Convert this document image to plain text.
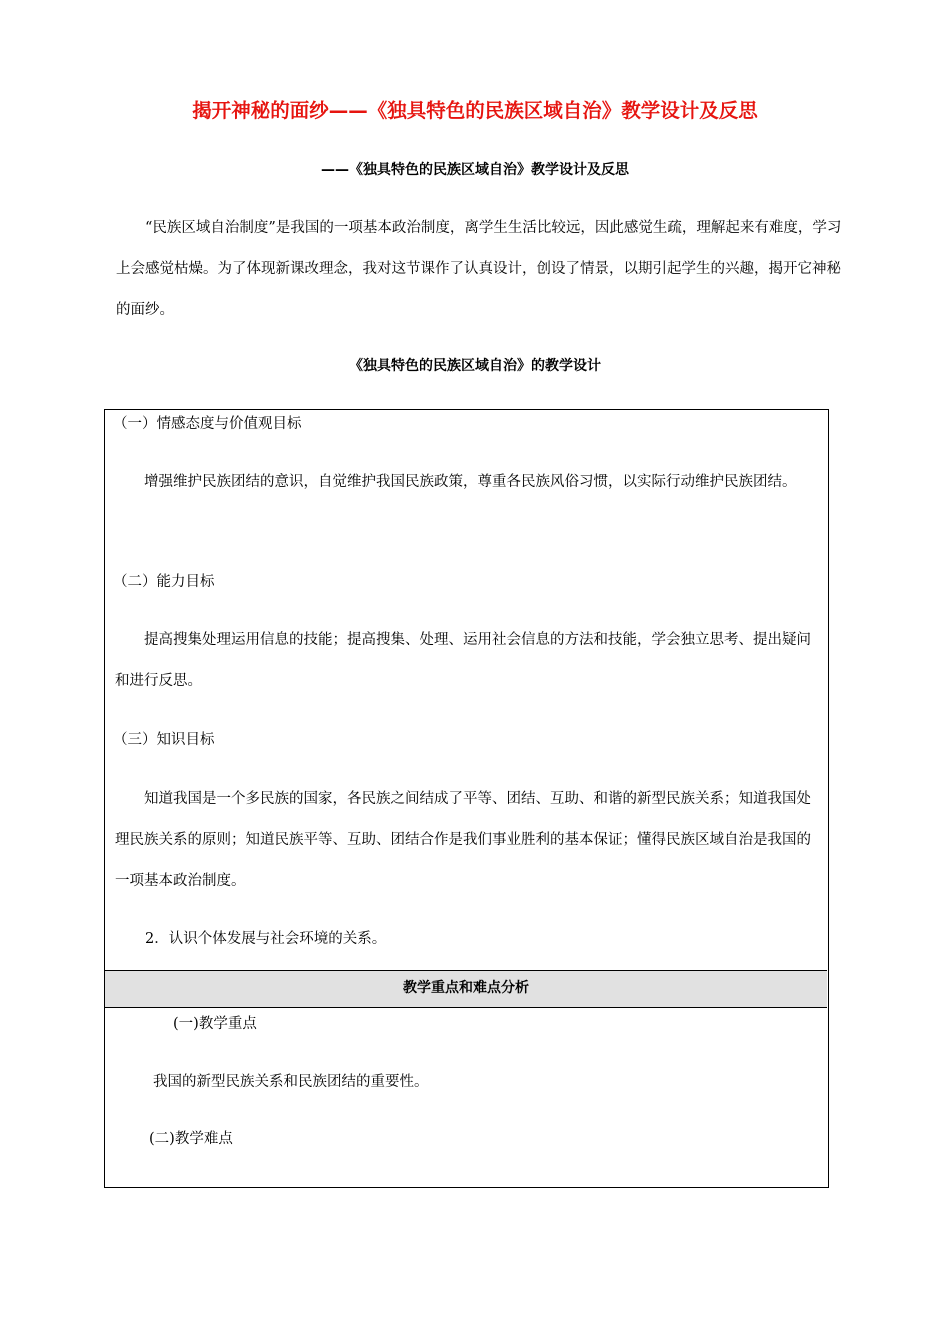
揭开神秘的面纱——《独具特色的民族区域自治》教学设计及反思
——《独具特色的民族区域自治》教学设计及反思

“民族区域自治制度”是我国的一项基本政治制度，离学生生活比较远，因此感觉生疏，理解起来有难度，学习上会感觉枯燥。为了体现新课改理念，我对这节课作了认真设计，创设了情景，以期引起学生的兴趣，揭开它神秘的面纱。

《独具特色的民族区域自治》的教学设计
（一）情感态度与价值观目标

增强维护民族团结的意识，自觉维护我国民族政策，尊重各民族风俗习惯，以实际行动维护民族团结。

（二）能力目标

提高搜集处理运用信息的技能；提高搜集、处理、运用社会信息的方法和技能，学会独立思考、提出疑问和进行反思。

（三）知识目标

知道我国是一个多民族的国家，各民族之间结成了平等、团结、互助、和谐的新型民族关系；知道我国处理民族关系的原则；知道民族平等、互助、团结合作是我们事业胜利的基本保证；懂得民族区域自治是我国的一项基本政治制度。

2．认识个体发展与社会环境的关系。
教学重点和难点分析
(一)教学重点
我国的新型民族关系和民族团结的重要性。
(二)教学难点
